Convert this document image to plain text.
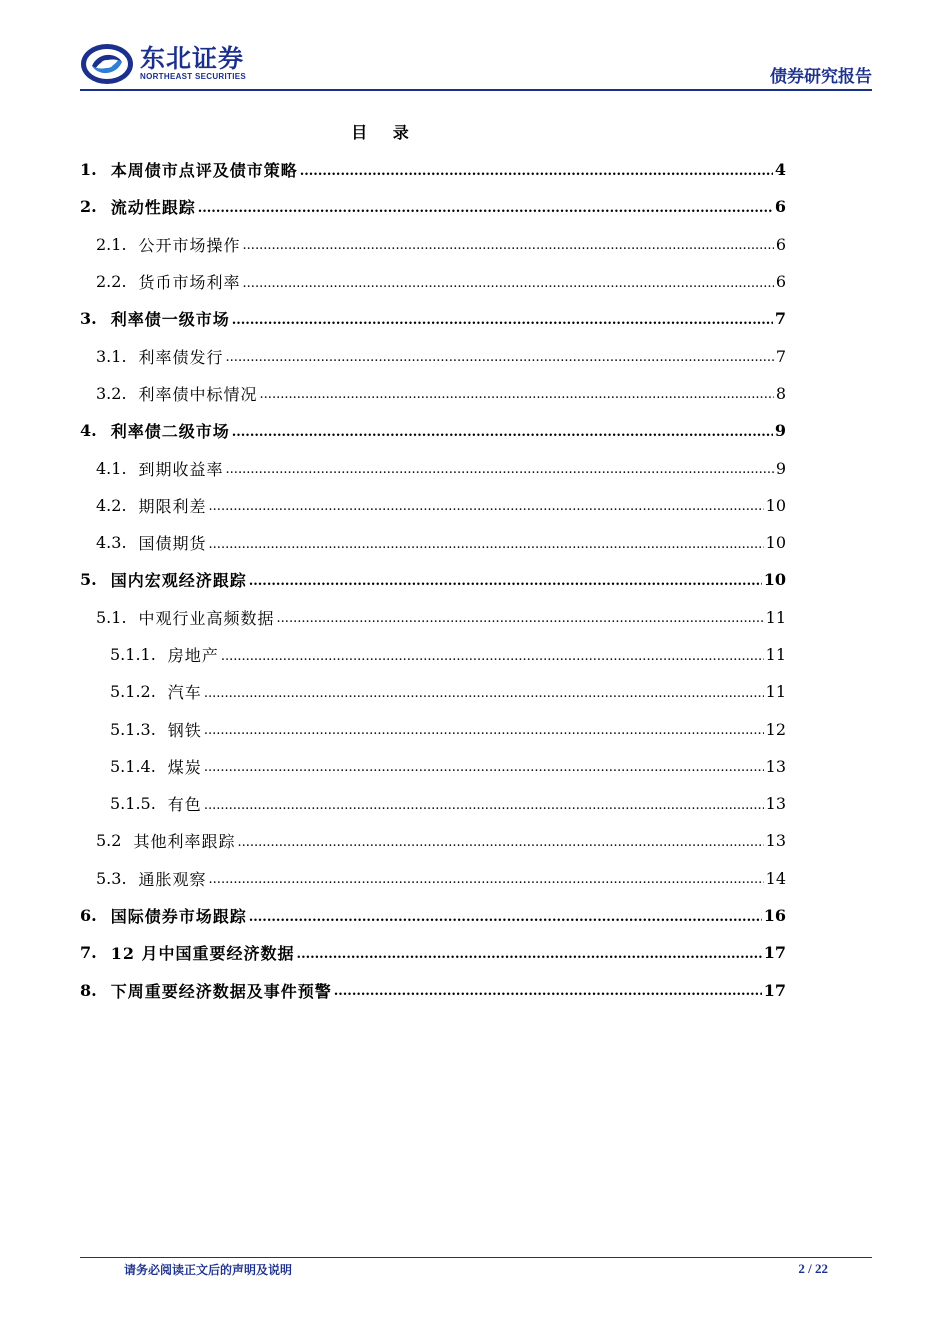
东北证券
NORTHEAST SECURITIES	债券研究报告
目 录
1. 本周债市点评及债市策略 .....	4
2. 流动性跟踪 .....	6
2.1. 公开市场操作 .....	6
2.2. 货币市场利率 .....	6
3. 利率债一级市场 .....	7
3.1. 利率债发行 .....	7
3.2. 利率债中标情况 .....	8
4. 利率债二级市场 .....	9
4.1. 到期收益率 .....	9
4.2. 期限利差 .....	10
4.3. 国债期货 .....	10
5. 国内宏观经济跟踪 .....	10
5.1. 中观行业高频数据 .....	11
5.1.1. 房地产 .....	11
5.1.2. 汽车 .....	11
5.1.3. 钢铁 .....	12
5.1.4. 煤炭 .....	13
5.1.5. 有色 .....	13
5.2 其他利率跟踪 .....	13
5.3. 通胀观察 .....	14
6. 国际债券市场跟踪 .....	16
7. 12 月中国重要经济数据 .....	17
8. 下周重要经济数据及事件预警 .....	17
请务必阅读正文后的声明及说明	2 / 22
